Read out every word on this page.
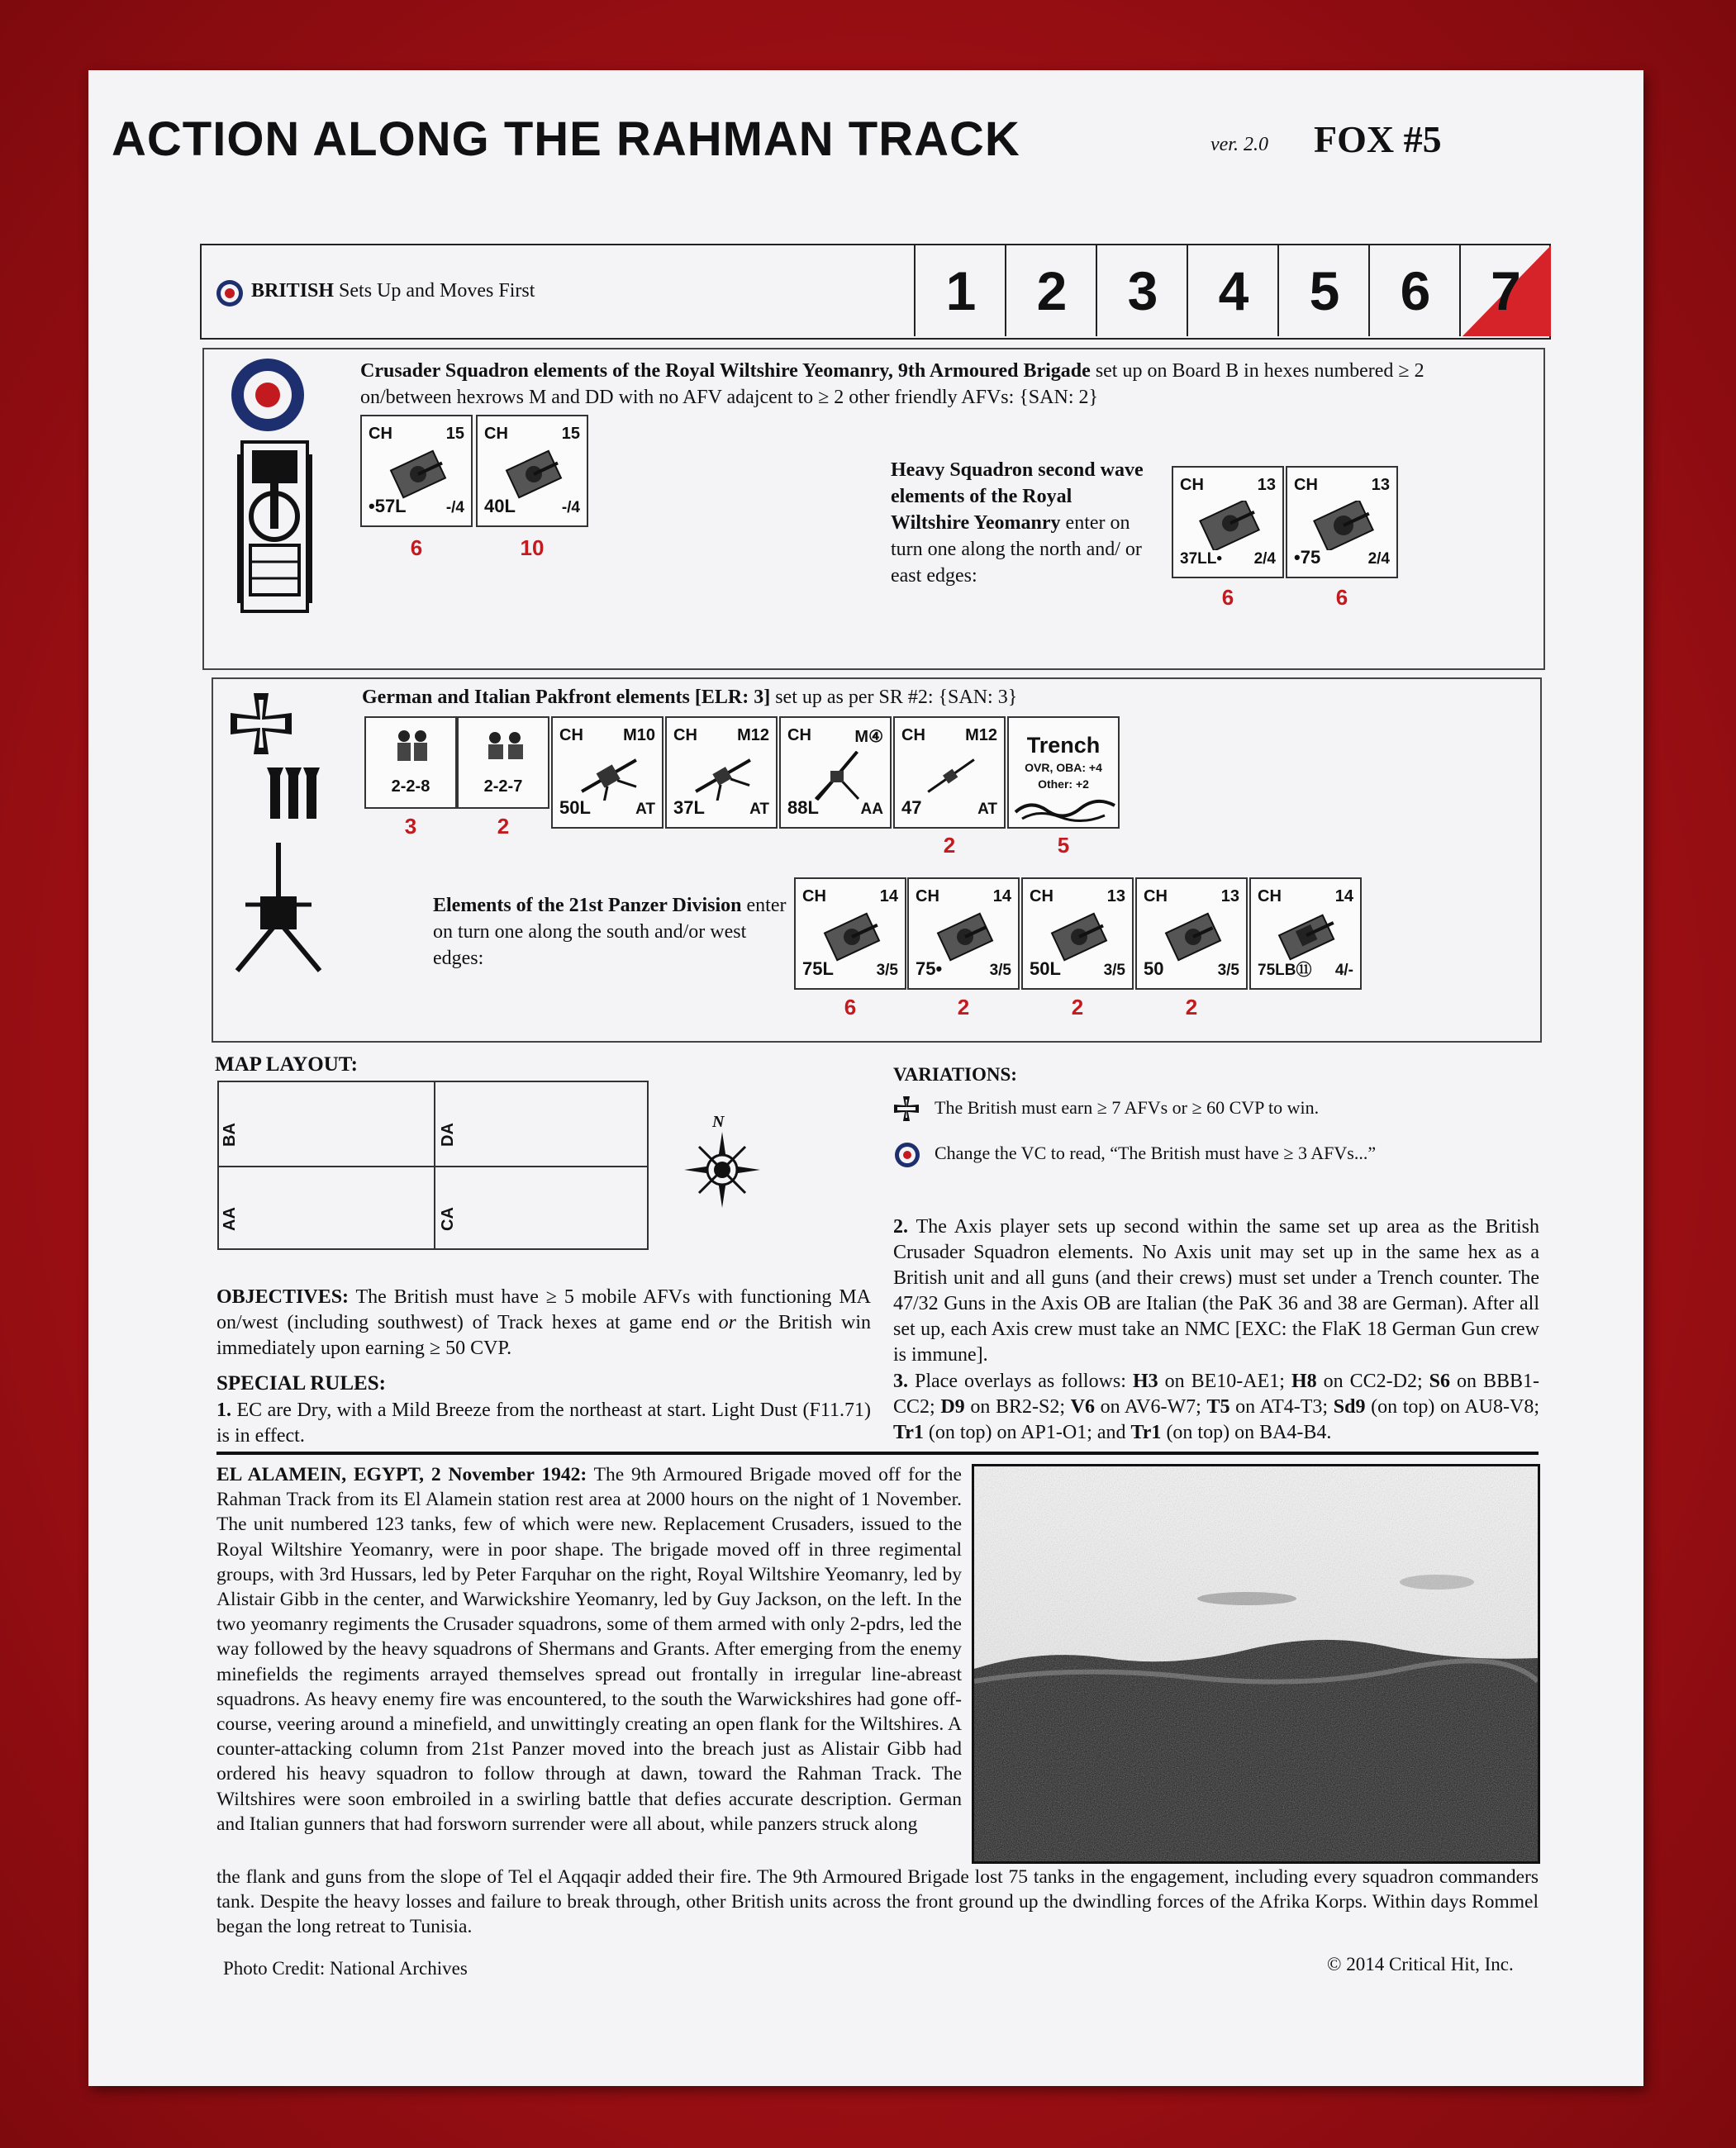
ACTION ALONG THE RAHMAN TRACK	ver. 2.0 FOX #5
BRITISH Sets Up and Moves First	1	2	3	4	5	6	7
Crusader Squadron elements of the Royal Wiltshire Yeomanry, 9th Armoured Brigade set up on Board B in hexes numbered ≥ 2 on/between hexrows M and DD with no AFV adajcent to ≥ 2 other friendly AFVs: {SAN: 2}
CH	15
•57L	-/4
6
CH	15
40L	-/4
10
Heavy Squadron second wave elements of the Royal Wiltshire Yeomanry enter on turn one along the north and/ or east edges:
CH	13
37LL• 2/4
6
CH	13
•75	2/4
6
German and Italian Pakfront elements [ELR: 3] set up as per SR #2: {SAN: 3}
2-2-8
3
2-2-7
2
CH M10
50L	AT
CH M12
37L	AT
CH	M④
88L	AA
CH M12
47	AT
2
Trench
OVR, OBA: +4
Other: +2
5
Elements of the 21st Panzer Division enter on turn one along the south and/or west edges:
CH	14
75L	3/5
6
CH	14
75•	3/5
2
CH	13
50L	3/5
2
CH	13
50	3/5
2
CH	14
75LB⑪ 4/-
MAP LAYOUT:
BA	DA
AA	CA
N
VARIATIONS:
The British must earn ≥ 7 AFVs or ≥ 60 CVP to win.
Change the VC to read, “The British must have ≥ 3 AFVs...”
OBJECTIVES: The British must have ≥ 5 mobile AFVs with functioning MA on/west (including southwest) of Track hexes at game end or the British win immediately upon earning ≥ 50 CVP.
SPECIAL RULES:
1. EC are Dry, with a Mild Breeze from the northeast at start. Light Dust (F11.71) is in effect.
2. The Axis player sets up second within the same set up area as the British Crusader Squadron elements. No Axis unit may set up in the same hex as a British unit and all guns (and their crews) must set under a Trench counter. The 47/32 Guns in the Axis OB are Italian (the PaK 36 and 38 are German). After all set up, each Axis crew must take an NMC [EXC: the FlaK 18 German Gun crew is immune].
3. Place overlays as follows: H3 on BE10-AE1; H8 on CC2-D2; S6 on BBB1-CC2; D9 on BR2-S2; V6 on AV6-W7; T5 on AT4-T3; Sd9 (on top) on AU8-V8; Tr1 (on top) on AP1-O1; and Tr1 (on top) on BA4-B4.
EL ALAMEIN, EGYPT, 2 November 1942: The 9th Armoured Brigade moved off for the Rahman Track from its El Alamein station rest area at 2000 hours on the night of 1 November. The unit numbered 123 tanks, few of which were new. Replacement Crusaders, issued to the Royal Wiltshire Yeomanry, were in poor shape. The brigade moved off in three regimental groups, with 3rd Hussars, led by Peter Farquhar on the right, Royal Wiltshire Yeomanry, led by Alistair Gibb in the center, and Warwickshire Yeomanry, led by Guy Jackson, on the left. In the two yeomanry regiments the Crusader squadrons, some of them armed with only 2-pdrs, led the way followed by the heavy squadrons of Shermans and Grants. After emerging from the enemy minefields the regiments arrayed themselves spread out frontally in irregular line-abreast squadrons. As heavy enemy fire was encountered, to the south the Warwickshires had gone off-course, veering around a minefield, and unwittingly creating an open flank for the Wiltshires. A counter-attacking column from 21st Panzer moved into the breach just as Alistair Gibb had ordered his heavy squadron to follow through at dawn, toward the Rahman Track. The Wiltshires were soon embroiled in a swirling battle that defies accurate description. German and Italian gunners that had forsworn surrender were all about, while panzers struck along
the flank and guns from the slope of Tel el Aqqaqir added their fire. The 9th Armoured Brigade lost 75 tanks in the engagement, including every squadron commanders tank. Despite the heavy losses and failure to break through, other British units across the front ground up the dwindling forces of the Afrika Korps. Within days Rommel began the long retreat to Tunisia.
Photo Credit: National Archives	© 2014 Critical Hit, Inc.
